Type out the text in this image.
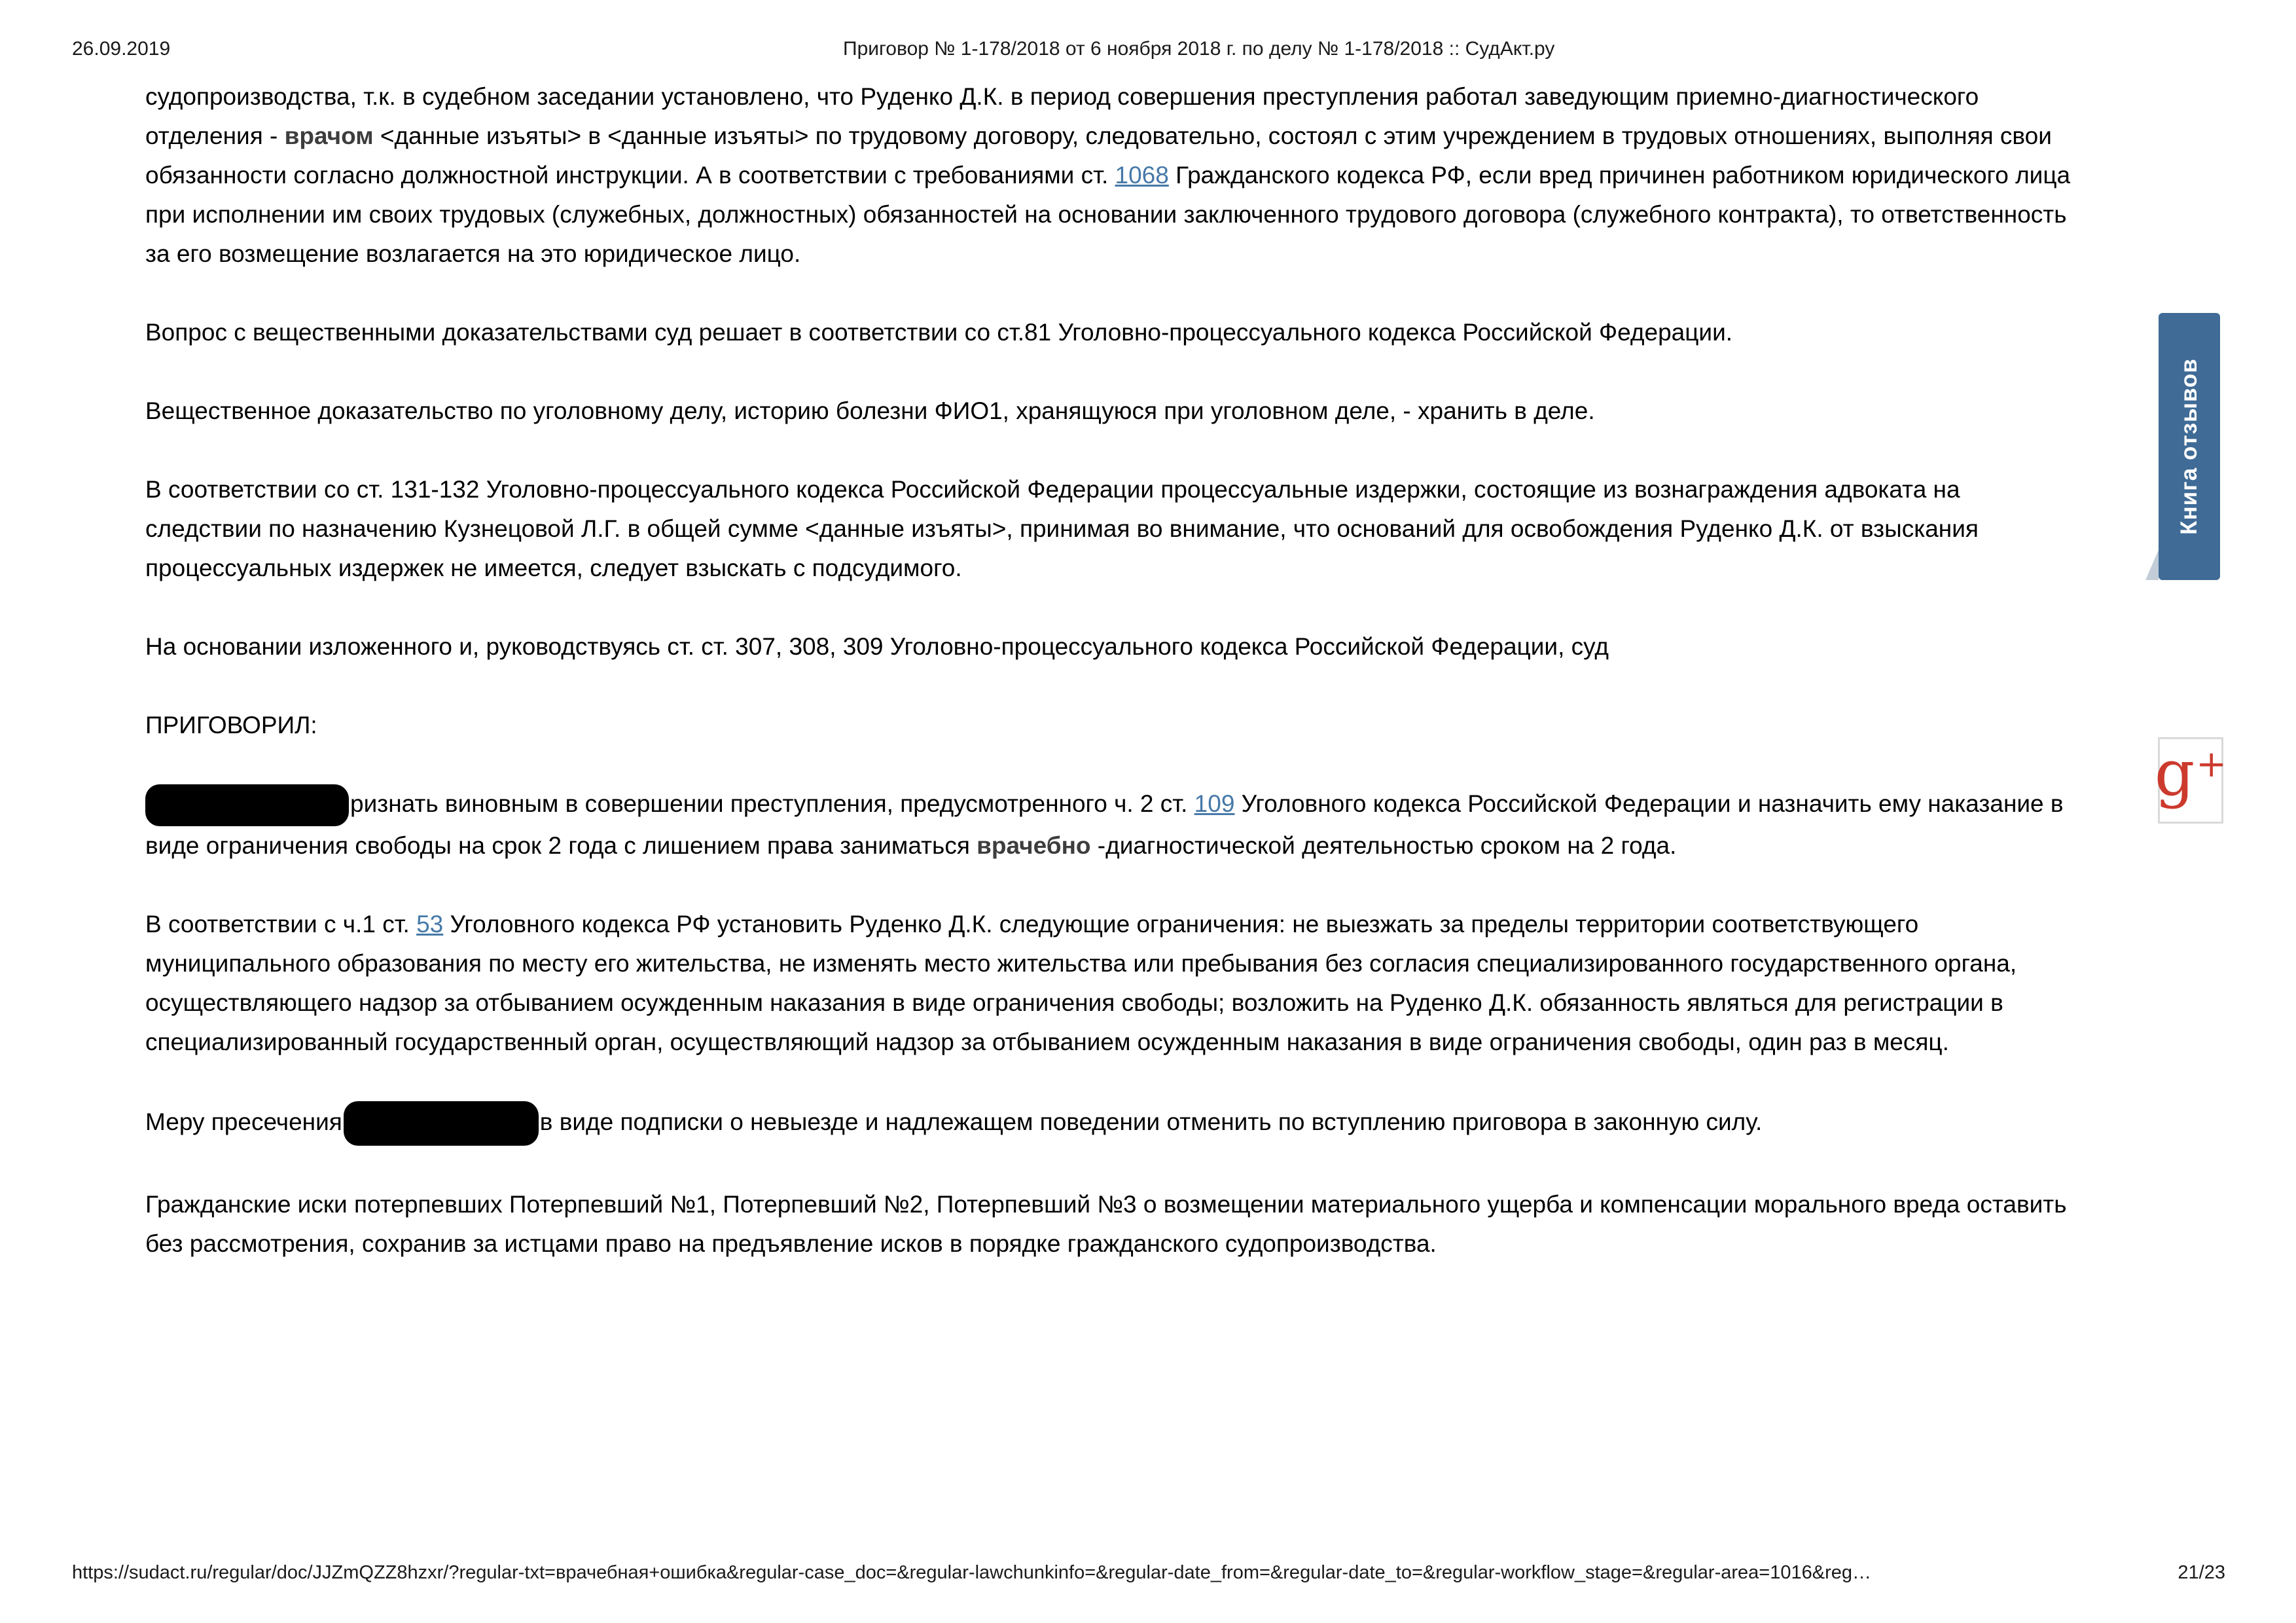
26.09.2019	Приговор № 1-178/2018 от 6 ноября 2018 г. по делу № 1-178/2018 :: СудАкт.ру

судопроизводства, т.к. в судебном заседании установлено, что Руденко Д.К. в период совершения преступления работал заведующим приемно-диагностического отделения - врачом <данные изъяты> в <данные изъяты> по трудовому договору, следовательно, состоял с этим учреждением в трудовых отношениях, выполняя свои обязанности согласно должностной инструкции. А в соответствии с требованиями ст. 1068 Гражданского кодекса РФ, если вред причинен работником юридического лица при исполнении им своих трудовых (служебных, должностных) обязанностей на основании заключенного трудового договора (служебного контракта), то ответственность за его возмещение возлагается на это юридическое лицо.

Вопрос с вещественными доказательствами суд решает в соответствии со ст.81 Уголовно-процессуального кодекса Российской Федерации.

Вещественное доказательство по уголовному делу, историю болезни ФИО1, хранящуюся при уголовном деле, - хранить в деле.

В соответствии со ст. 131-132 Уголовно-процессуального кодекса Российской Федерации процессуальные издержки, состоящие из вознаграждения адвоката на следствии по назначению Кузнецовой Л.Г. в общей сумме <данные изъяты>, принимая во внимание, что оснований для освобождения Руденко Д.К. от взыскания процессуальных издержек не имеется, следует взыскать с подсудимого.

На основании изложенного и, руководствуясь ст. ст. 307, 308, 309 Уголовно-процессуального кодекса Российской Федерации, суд

ПРИГОВОРИЛ:

ризнать виновным в совершении преступления, предусмотренного ч. 2 ст. 109 Уголовного кодекса Российской Федерации и назначить ему наказание в виде ограничения свободы на срок 2 года с лишением права заниматься врачебно -диагностической деятельностью сроком на 2 года.

В соответствии с ч.1 ст. 53 Уголовного кодекса РФ установить Руденко Д.К. следующие ограничения: не выезжать за пределы территории соответствующего муниципального образования по месту его жительства, не изменять место жительства или пребывания без согласия специализированного государственного органа, осуществляющего надзор за отбыванием осужденным наказания в виде ограничения свободы; возложить на Руденко Д.К. обязанность являться для регистрации в специализированный государственный орган, осуществляющий надзор за отбыванием осужденным наказания в виде ограничения свободы, один раз в месяц.

Меру пресечения	в виде подписки о невыезде и надлежащем поведении отменить по вступлению приговора в законную силу.

Гражданские иски потерпевших Потерпевший №1, Потерпевший №2, Потерпевший №3 о возмещении материального ущерба и компенсации морального вреда оставить без рассмотрения, сохранив за истцами право на предъявление исков в порядке гражданского судопроизводства.

Книга отзывов
g+
https://sudact.ru/regular/doc/JJZmQZZ8hzxr/?regular-txt=врачебная+ошибка&regular-case_doc=&regular-lawchunkinfo=&regular-date_from=&regular-date_to=&regular-workflow_stage=&regular-area=1016&reg…	21/23
